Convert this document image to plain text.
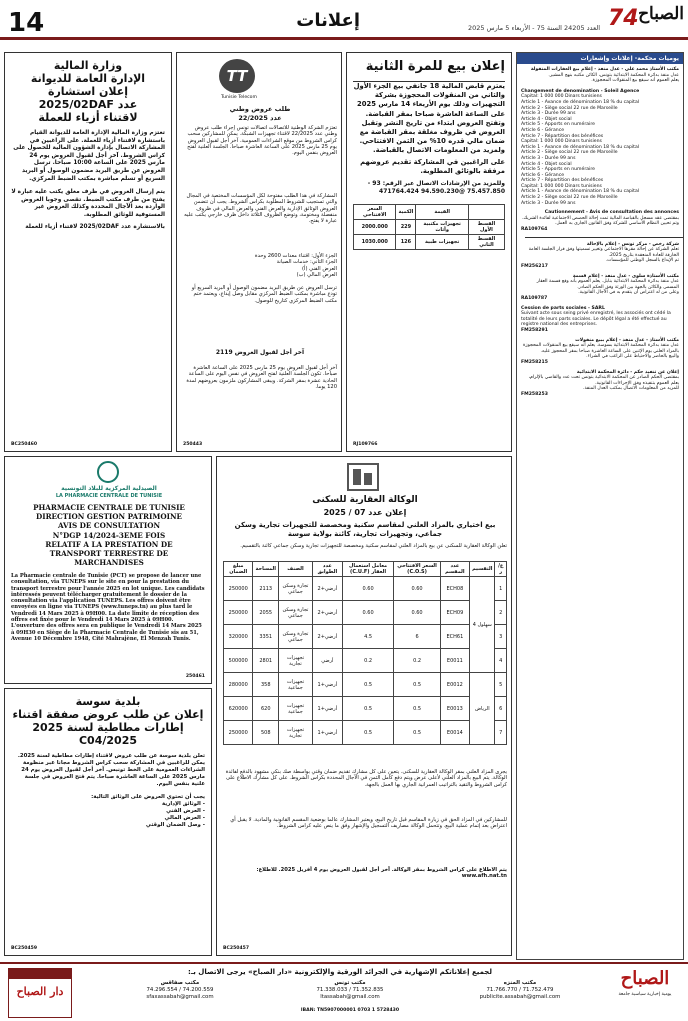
14	إعلانات	العدد 24205 السنة 75 - الأربعاء 5 مارس 2025 74 الصباح
يوميات محكمة- إعلانات وإشعارات
مكتب الأستاذ محمد علي - عدل منفذ - إعلام بيع العقارات المنقولة
عدل منفذ بدائرة المحكمة الابتدائية بتونس، الكائن مكتبه بنهج المشير.
يعلم العموم أنه سيقع بيع المنقولات المحجوزة.
Changement de denomination - Soleil Agence
Capital: 1 000 000 Dinars tunisiens
Article 1 - Avance de dénomination 18 % du capital
Article 2 - Siège social 22 rue de Marseille
Article 3 - Durée 99 ans
Article 4 - Objet social
Article 5 - Apports en numéraire
Article 6 - Gérance
Article 7 - Répartition des bénéfices
Capital: 1 000 000 Dinars tunisiens
Article 1 - Avance de dénomination 18 % du capital
Article 2 - Siège social 22 rue de Marseille
Article 3 - Durée 99 ans
Article 4 - Objet social
Article 5 - Apports en numéraire
Article 6 - Gérance
Article 7 - Répartition des bénéfices
Capital: 1 000 000 Dinars tunisiens
Article 1 - Avance de dénomination 18 % du capital
Article 2 - Siège social 22 rue de Marseille
Article 3 - Durée 99 ans
Cautionnement - Avis de consultation des annonces
بمقتضى عقد مسجل بالقباضة المالية تمت إحالة الحصص الاجتماعية لفائدة الشريك. وتم تحيين النظام الأساسي للشركة وفق القانون الجاري به العمل.
RA109764
شركة رخص - مركز تونس - إعلام بالإحالة
تعلم الشركة عن إحالة مقرها الاجتماعي وتغيير تسميتها وفق قرار الجلسة العامة الخارقة للعادة المنعقدة بتاريخ 2025.
تم الإيداع بالسجل الوطني للمؤسسات.
FM256217
مكتب الأستاذة سلوى - عدل منفذ - إعلام قسمة
عدل منفذ بدائرة المحكمة الابتدائية بنابل. يعلم العموم بأنه وقع قسمة العقار المسمى والكائن بالجهة بين الورثة وفق الحكم الصادر.
وعلى من له اعتراض أن يتقدم به في الآجال القانونية.
RA109787
Cession de parts sociales - SARL
Suivant acte sous seing privé enregistré, les associés ont cédé la totalité de leurs parts sociales. Le dépôt légal a été effectué au registre national des entreprises.
FM258291
مكتب الأستاذ - عدل منفذ - إعلام ببيع منقولات
عدل منفذ بدائرة المحكمة الابتدائية بسوسة. يعلم أنه سيقع بيع المنقولات المحجوزة بالمزاد العلني يوم الإثنين على الساعة العاشرة صباحا بمقر المحجوز عليه.
والبيع بالحاضر والاحتياط على الراغب في الشراء.
FM258215
إعلان عن تنفيذ حكم - دائرة المحكمة الابتدائية
بمقتضى الحكم الصادر عن المحكمة الابتدائية بتونس تحت عدد والقاضي بالإلزام، يعلم العموم بتنفيذه وفق الإجراءات القانونية.
للمزيد من المعلومات الاتصال بمكتب العدل المنفذ.
FM258253
إعلان بيع للمرة الثانية
يعتزم قابض المالية 18 جانفي بيع الجزء الأول والثاني من المنقولات المحجوزة بشركة التجهيزات وذلك يوم الأربعاء 14 مارس 2025 على الساعة العاشرة صباحا بمقر القباضة. وتفتح العروض ابتداء من تاريخ النشر وتقبل العروض في ظروف مغلقة بمقر القباضة مع ضمان مالي قدره 10% من الثمن الافتتاحي. ولمزيد من المعلومات الاتصال بالقباضة.
على الراغبين في المشاركة تقديم عروضهم مرفقة بالوثائق المطلوبة.
وللمزيد من الإرشادات الاتصال عبر الرقم: 93 - 75.457.850 @94.590.230 471764.424
	القيمة	الكمية	السعر الافتتاحي
القسط الأول	تجهيزات مكتبية وأثاث	229	2000.000
القسط الثاني	تجهيزات طبية	126	1030.000
RJ109766
TT
Tunisie Telecom
طلب عروض وطني
عدد 22/2025
تعتزم الشركة الوطنية للاتصالات اتصالات تونس إجراء طلب عروض وطني عدد 22/2025 لاقتناء تجهيزات الشبكة. يمكن للمشاركين سحب كراس الشروط من موقع الشراءات العمومية. آخر أجل لقبول العروض يوم 25 مارس 2025 على الساعة العاشرة صباحا. الجلسة العلنية لفتح العروض بنفس اليوم.
المشاركة في هذا الطلب مفتوحة لكل المؤسسات المختصة في المجال والتي تستجيب للشروط المطلوبة بكراس الشروط. يجب أن تتضمن العروض الوثائق الإدارية والعرض الفني والعرض المالي في ظروف منفصلة ومختومة، وتوضع الظروف الثلاثة داخل ظرف خارجي يكتب عليه عبارة لا يفتح.
الجزء الأول: اقتناء معدات 2600 وحدة
الجزء الثاني: خدمات الصيانة
العرض الفني (أ)
العرض المالي (ب)
ترسل العروض عن طريق البريد مضمون الوصول أو البريد السريع أو تودع مباشرة بمكتب الضبط المركزي مقابل وصل إيداع، ويعتمد ختم مكتب الضبط المركزي كتاريخ للوصول.
آخر أجل لقبول العروض 2119
آخر أجل لقبول العروض يوم 25 مارس 2025 على الساعة العاشرة صباحا. تكون الجلسة العلنية لفتح العروض في نفس اليوم على الساعة الحادية عشرة بمقر الشركة. ويبقى المشاركون ملزمون بعروضهم لمدة 120 يوما.
250443
وزارة المالية
الإدارة العامة للديوانة
إعلان استشارة
عدد 2025/02DAF
لاقتناء أزياء للعملة
تعتزم وزارة المالية الإدارة العامة للديوانة القيام باستشارة لاقتناء أزياء للعملة. على الراغبين في المشاركة الاتصال بإدارة الشؤون المالية للحصول على كراس الشروط. آخر أجل لقبول العروض يوم 24 مارس 2025 على الساعة 10:00 صباحا. ترسل العروض عن طريق البريد مضمون الوصول أو البريد السريع أو تسلم مباشرة بمكتب الضبط المركزي.
يتم إرسال العروض في ظرف مغلق يكتب عليه عبارة لا يفتح من طرف مكتب الضبط. تقصى وجوبا العروض الواردة بعد الآجال المحددة وكذلك العروض غير المستوفية للوثائق المطلوبة.
بالاستشارة عدد 2025/02DAF لاقتناء أزياء للعملة
BC250460
الوكالة العقارية للسكنى
إعلان عدد 07 / 2025
بيع اختياري بالمزاد العلني لمقاسم سكنية ومخصصة للتجهيزات تجارية وسكن جماعي، وتجهيزات تجارية، كائنة بولاية سوسة
تعلن الوكالة العقارية للسكنى عن بيع بالمزاد العلني لمقاسم سكنية ومخصصة للتجهيزات تجارية وسكن جماعي كائنة بالتقسيم.
ع/ر	التقسيم	عدد المقسم	السعر الافتتاحي (C.O.S)	معامل استعمال العقار (C.U.F)	عدد الطوابق	الصنف	المساحة	مبلغ الضمان
1	سهلول 4	ECH08	0.60	0.60	أرضي+2	تجارة وسكن جماعي	2113	250000
2		ECH09	0.60	0.60	أرضي+2	تجارة وسكن جماعي	2055	250000
3		ECH61	6	4.5	أرضي+2	تجارة وسكن جماعي	3351	320000
4		E0011	0.2	0.2	أرضي	تجهيزات تجارية	2801	500000
5	الرياض	E0012	0.5	0.5	أرضي+1	تجهيزات جماعية	358	280000
6		E0013	0.5	0.5	أرضي+1	تجهيزات جماعية	620	620000
7		E0014	0.5	0.5	أرضي+1	تجهيزات تجارية	508	250000
يجرى المزاد العلني بمقر الوكالة العقارية للسكنى. يتعين على كل مشارك تقديم ضمان وقتي بواسطة صك بنكي مشهود بالدفع لفائدة الوكالة. يتم البيع بالمزاد العلني لأعلى عرض ويتم دفع كامل الثمن في الآجال المحددة بكراس الشروط. على كل مشارك الاطلاع على كراس الشروط والتقيد بالتراتيب العمرانية الجاري بها العمل بالجهة.
للمشاركين في المزاد الحق في زيارة المقاسم قبل تاريخ البيع، ويعتبر المشارك عالما بوضعية المقسم القانونية والمادية. لا يقبل أي اعتراض بعد إتمام عملية البيع. وتتحمل الوكالة مصاريف التسجيل والإشهار وفق ما ينص عليه كراس الشروط.
يتم الاطلاع على كراس الشروط بمقر الوكالة. آخر أجل لقبول العروض يوم 4 أفريل 2025. للاطلاع: www.afh.nat.tn
BC250457
الصيدلية المركزية للبلاد التونسية
LA PHARMACIE CENTRALE DE TUNISIE
PHARMACIE CENTRALE DE TUNISIE
DIRECTION GESTION PATRIMOINE
AVIS DE CONSULTATION
N°DGP 14/2024-3EME FOIS
RELATIF A LA PRESTATION DE
TRANSPORT TERRESTRE DE
MARCHANDISES
La Pharmacie centrale de Tunisie (PCT) se propose de lancer une consultation, via TUNEPS sur le site en pour la prestation du transport terrestre pour l'année 2025 en lot unique. Les candidats intéressés peuvent télécharger gratuitement le dossier de la consultation via l'application TUNEPS. Les offres doivent être envoyées en ligne via TUNEPS (www.tuneps.tn) au plus tard le Vendredi 14 Mars 2025 à 09H00. La date limite de réception des offres est fixée pour le Vendredi 14 Mars 2025 à 09H00. L'ouverture des offres sera en publique le Vendredi 14 Mars 2025 à 09H30 en Siège de la Pharmacie Centrale de Tunisie sis au 51, Avenue 10 Décembre 1948, Cité Mahrajène, El Menzah Tunis.
250461
بلدية سوسة
إعلان عن طلب عروض صفقة اقتناء
إطارات مطاطية لسنة 2025
2025/C04
تعلن بلدية سوسة عن طلب عروض لاقتناء إطارات مطاطية لسنة 2025. يمكن للراغبين في المشاركة سحب كراس الشروط مجانا عبر منظومة الشراءات العمومية على الخط تونبس. آخر أجل لقبول العروض يوم 24 مارس 2025 على الساعة العاشرة صباحا. يتم فتح العروض في جلسة علنية بنفس اليوم.
يجب أن تحتوي العروض على الوثائق التالية:
- الوثائق الإدارية
- العرض الفني
- العرض المالي
- وصل الضمان الوقتي
BC250459
الصباح
يومية إخبارية سياسية جامعة
لجميع إعلاناتكم الإشهارية في الجرائد الورقية والإلكترونية «دار الصباح» يرجى الاتصال بـ:
مكتب المنزه
71.752.479 / 71.766.770
publicite.assabah@gmail.com
مكتب تونس
71.352.835 / 71.338.033
ltassabah@gmail.com
مكتب صفاقس
74.200.559 / 74.296.554
sfaxassabah@gmail.com
IBAN: TN5907000001 0703 1 5728430
دار الصباح
